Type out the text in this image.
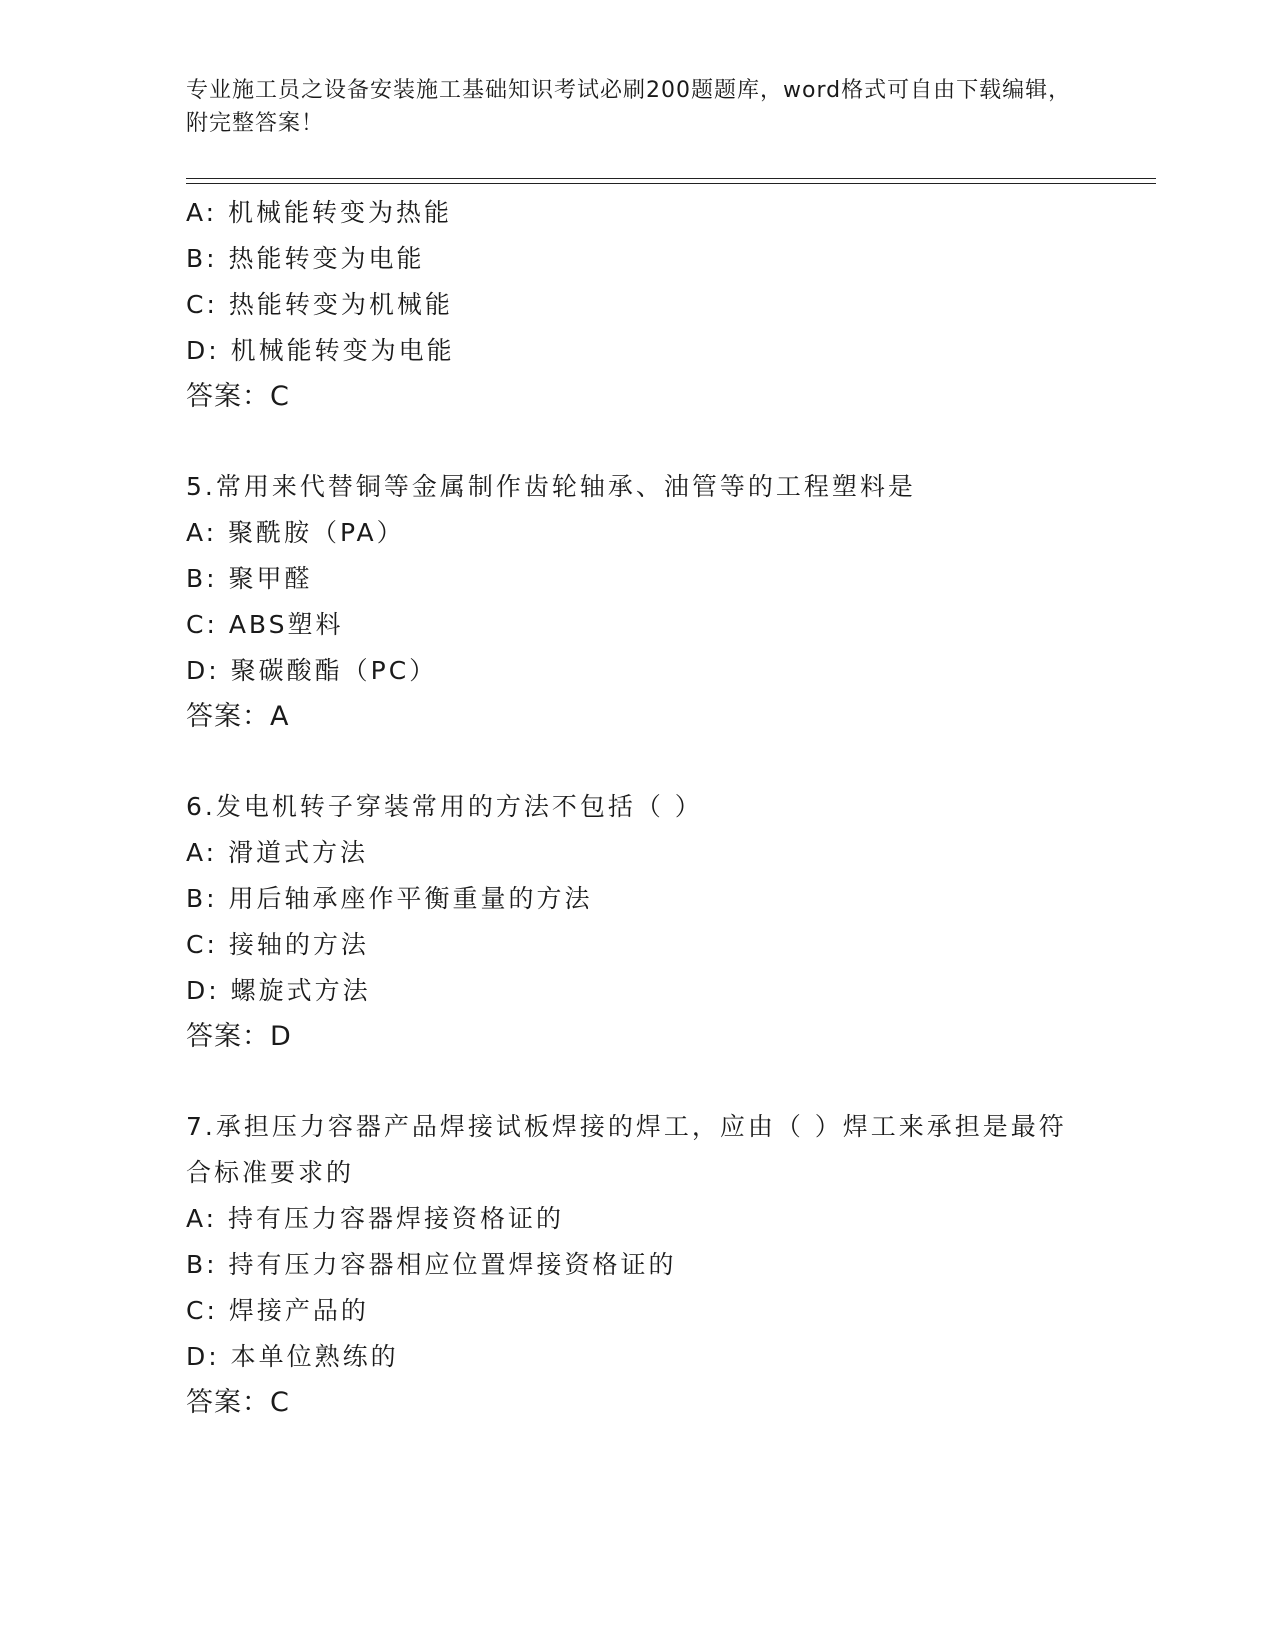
专业施工员之设备安装施工基础知识考试必刷200题题库，word格式可自由下载编辑，附完整答案！
A: 机械能转变为热能
B: 热能转变为电能
C: 热能转变为机械能
D: 机械能转变为电能
答案：C
5.常用来代替铜等金属制作齿轮轴承、油管等的工程塑料是
A: 聚酰胺（PA）
B: 聚甲醛
C: ABS塑料
D: 聚碳酸酯（PC）
答案：A
6.发电机转子穿装常用的方法不包括（ ）
A: 滑道式方法
B: 用后轴承座作平衡重量的方法
C: 接轴的方法
D: 螺旋式方法
答案：D
7.承担压力容器产品焊接试板焊接的焊工，应由（ ）焊工来承担是最符合标准要求的
A: 持有压力容器焊接资格证的
B: 持有压力容器相应位置焊接资格证的
C: 焊接产品的
D: 本单位熟练的
答案：C
